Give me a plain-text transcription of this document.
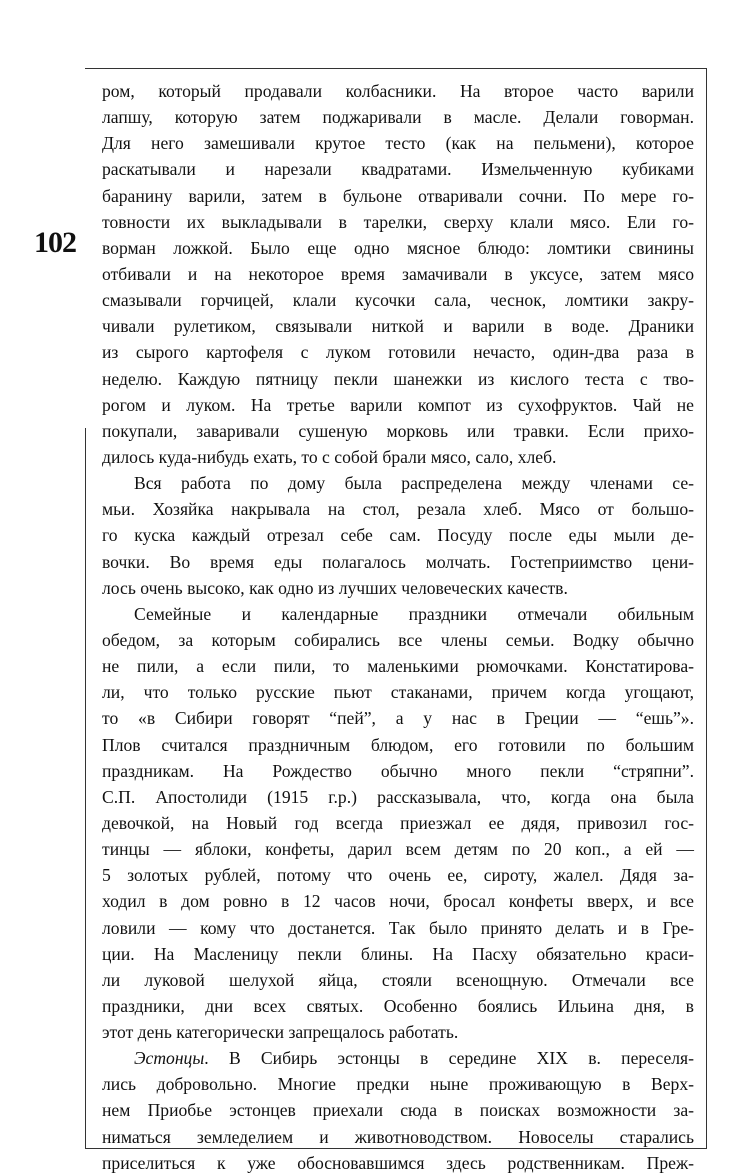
102
ром, который продавали колбасники. На второе часто варили
лапшу, которую затем поджаривали в масле. Делали говорман.
Для него замешивали крутое тесто (как на пельмени), которое
раскатывали и нарезали квадратами. Измельченную кубиками
баранину варили, затем в бульоне отваривали сочни. По мере го-
товности их выкладывали в тарелки, сверху клали мясо. Ели го-
ворман ложкой. Было еще одно мясное блюдо: ломтики свинины
отбивали и на некоторое время замачивали в уксусе, затем мясо
смазывали горчицей, клали кусочки сала, чеснок, ломтики закру-
чивали рулетиком, связывали ниткой и варили в воде. Драники
из сырого картофеля с луком готовили нечасто, один-два раза в
неделю. Каждую пятницу пекли шанежки из кислого теста с тво-
рогом и луком. На третье варили компот из сухофруктов. Чай не
покупали, заваривали сушеную морковь или травки. Если прихо-
дилось куда-нибудь ехать, то с собой брали мясо, сало, хлеб.
Вся работа по дому была распределена между членами се-
мьи. Хозяйка накрывала на стол, резала хлеб. Мясо от большо-
го куска каждый отрезал себе сам. Посуду после еды мыли де-
вочки. Во время еды полагалось молчать. Гостеприимство цени-
лось очень высоко, как одно из лучших человеческих качеств.
Семейные и календарные праздники отмечали обильным
обедом, за которым собирались все члены семьи. Водку обычно
не пили, а если пили, то маленькими рюмочками. Констатирова-
ли, что только русские пьют стаканами, причем когда угощают,
то «в Сибири говорят “пей”, а у нас в Греции — “ешь”».
Плов считался праздничным блюдом, его готовили по большим
праздникам. На Рождество обычно много пекли “стряпни”.
С.П. Апостолиди (1915 г.р.) рассказывала, что, когда она была
девочкой, на Новый год всегда приезжал ее дядя, привозил гос-
тинцы — яблоки, конфеты, дарил всем детям по 20 коп., а ей —
5 золотых рублей, потому что очень ее, сироту, жалел. Дядя за-
ходил в дом ровно в 12 часов ночи, бросал конфеты вверх, и все
ловили — кому что достанется. Так было принято делать и в Гре-
ции. На Масленицу пекли блины. На Пасху обязательно краси-
ли луковой шелухой яйца, стояли всенощную. Отмечали все
праздники, дни всех святых. Особенно боялись Ильина дня, в
этот день категорически запрещалось работать.
Эстонцы. В Сибирь эстонцы в середине XIX в. переселя-
лись добровольно. Многие предки ныне проживающую в Верх-
нем Приобье эстонцев приехали сюда в поисках возможности за-
ниматься земледелием и животноводством. Новоселы старались
приселиться к уже обосновавшимся здесь родственникам. Преж-
